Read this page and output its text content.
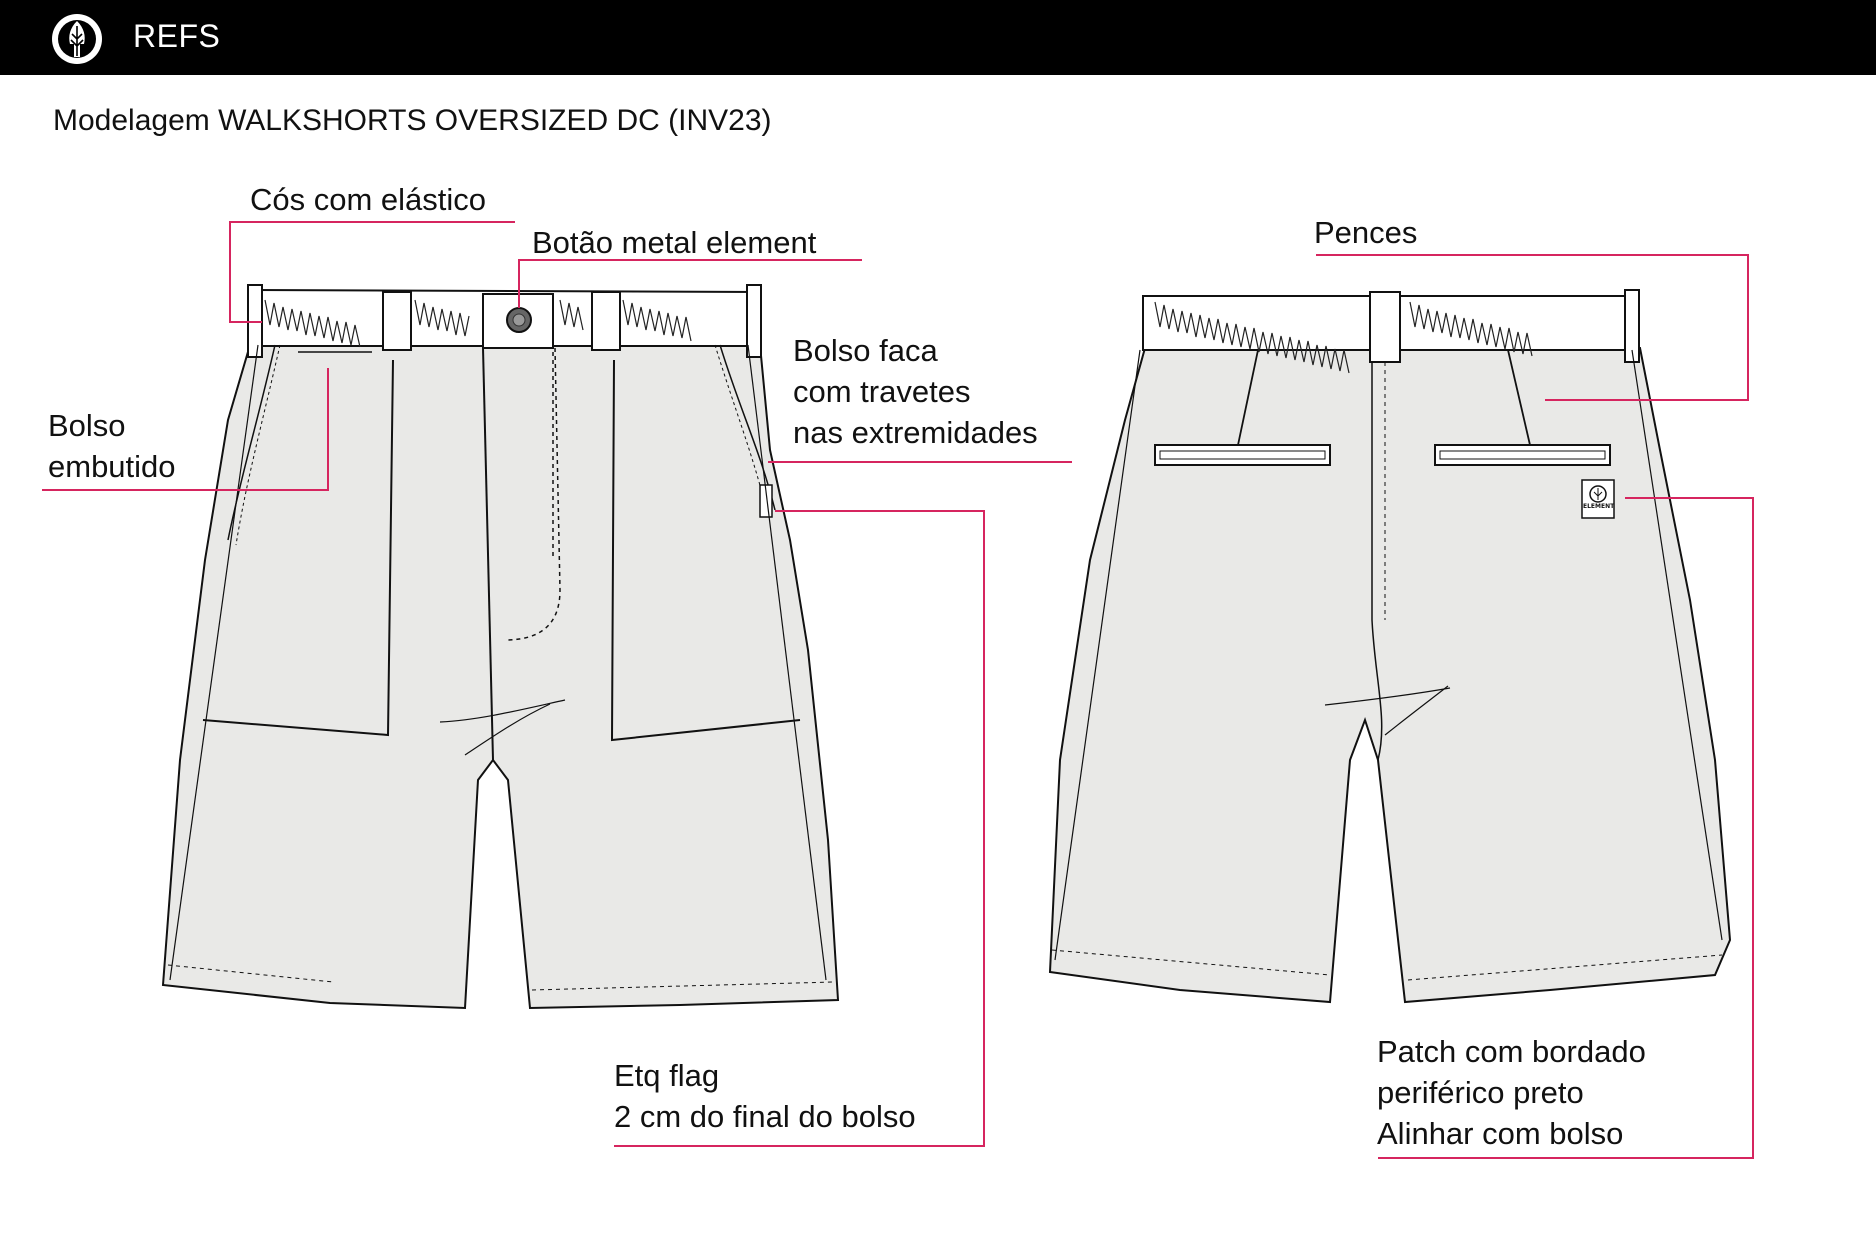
REFS
Modelagem WALKSHORTS OVERSIZED DC (INV23)
Cós com elástico
Botão metal element
Bolso faca
com travetes
nas extremidades
Bolso
embutido
Etq flag
2 cm do final do bolso
Pences
Patch com bordado
periférico preto
Alinhar com bolso
ELEMENT
